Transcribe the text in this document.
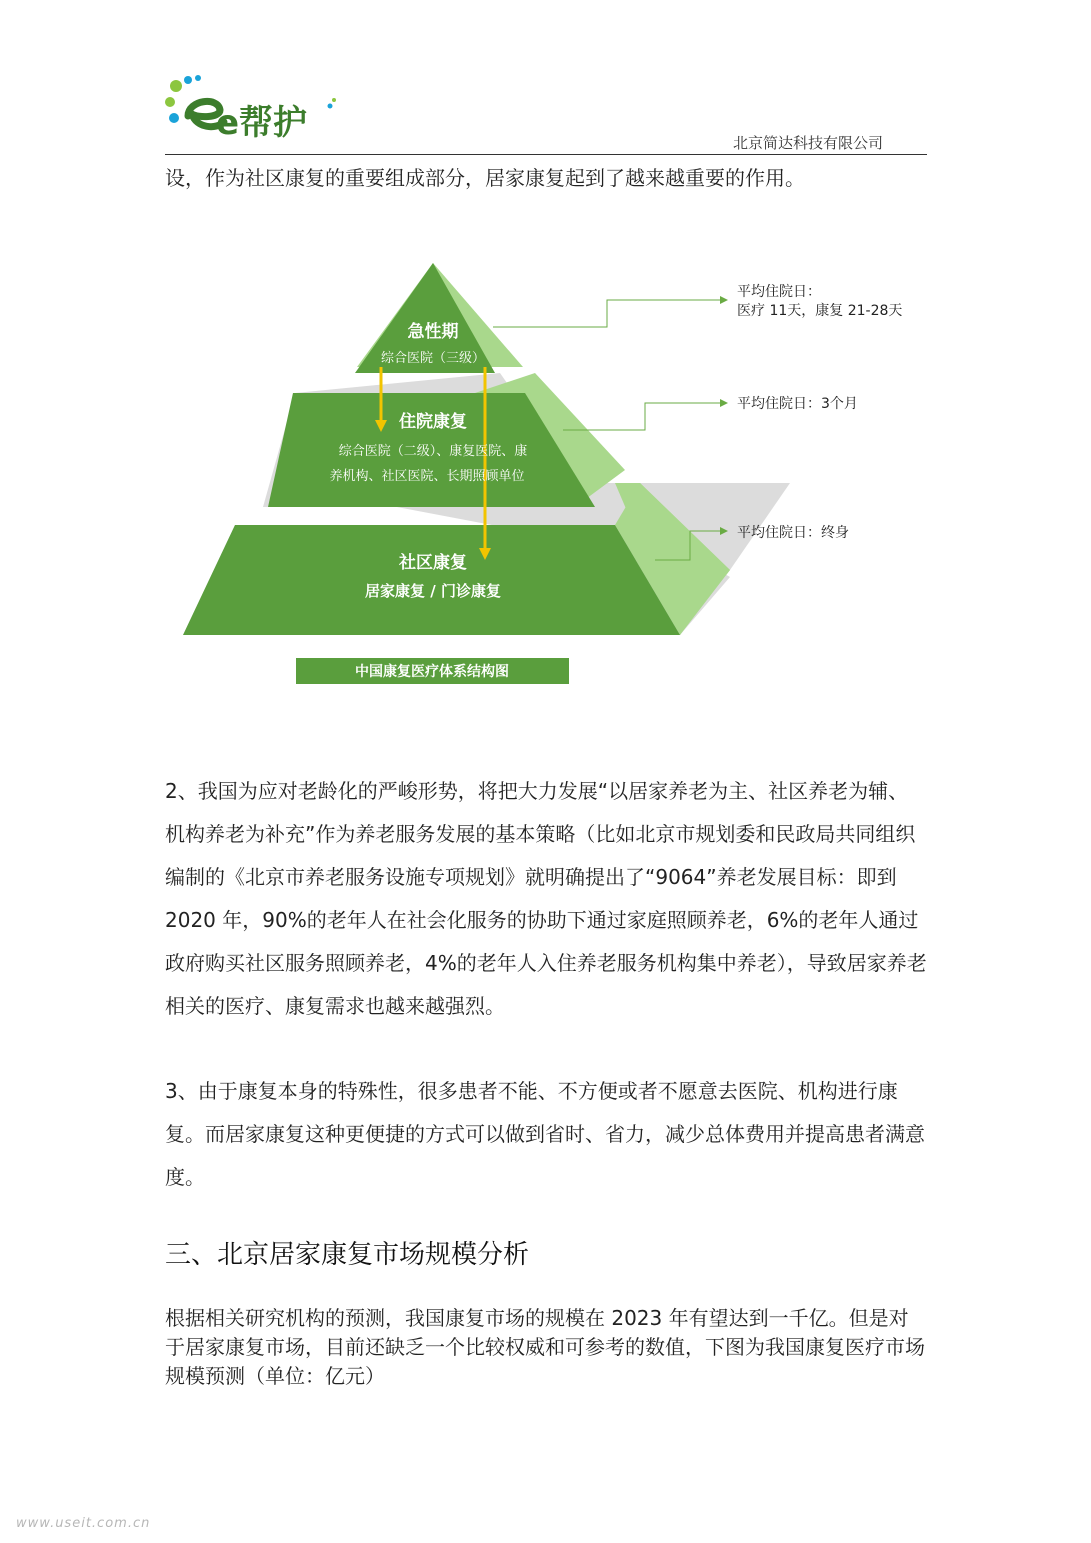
e帮护	北京简达科技有限公司
设，作为社区康复的重要组成部分，居家康复起到了越来越重要的作用。
急性期
综合医院（三级）
住院康复
综合医院（二级）、康复医院、康
养机构、社区医院、长期照顾单位
社区康复
居家康复 / 门诊康复
平均住院日：
医疗 11天，康复 21-28天
平均住院日：3个月
平均住院日：终身
中国康复医疗体系结构图
2、我国为应对老龄化的严峻形势，将把大力发展“以居家养老为主、社区养老为辅、机构养老为补充”作为养老服务发展的基本策略（比如北京市规划委和民政局共同组织编制的《北京市养老服务设施专项规划》就明确提出了“9064”养老发展目标：即到 2020 年，90%的老年人在社会化服务的协助下通过家庭照顾养老，6%的老年人通过政府购买社区服务照顾养老，4%的老年人入住养老服务机构集中养老），导致居家养老相关的医疗、康复需求也越来越强烈。
3、由于康复本身的特殊性，很多患者不能、不方便或者不愿意去医院、机构进行康复。而居家康复这种更便捷的方式可以做到省时、省力，减少总体费用并提高患者满意度。
三、北京居家康复市场规模分析
根据相关研究机构的预测，我国康复市场的规模在 2023 年有望达到一千亿。但是对于居家康复市场，目前还缺乏一个比较权威和可参考的数值，下图为我国康复医疗市场规模预测（单位：亿元）
www.useit.com.cn
